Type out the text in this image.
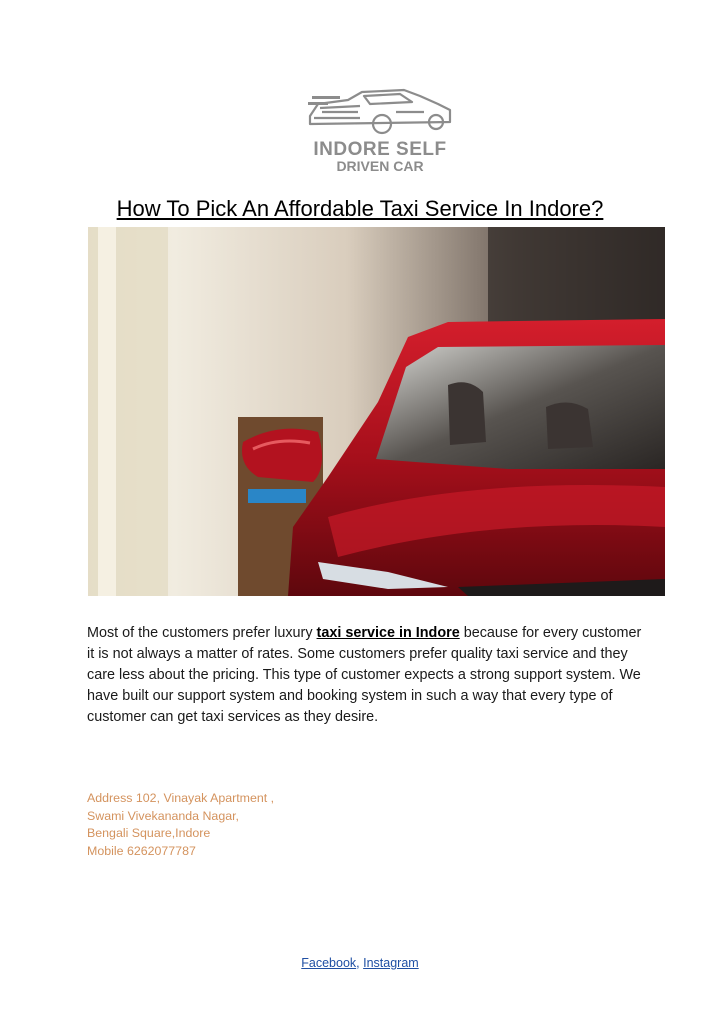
INDORE SELF
DRIVEN CAR
How To Pick An Affordable Taxi Service In Indore?
Most of the customers prefer luxury taxi service in Indore because for every customer it is not always a matter of rates. Some customers prefer quality taxi service and they care less about the pricing. This type of customer expects a strong support system. We have built our support system and booking system in such a way that every type of customer can get taxi services as they desire.
Address 102, Vinayak Apartment ,
Swami Vivekananda Nagar,
Bengali Square,Indore
Mobile 6262077787
Facebook, Instagram
